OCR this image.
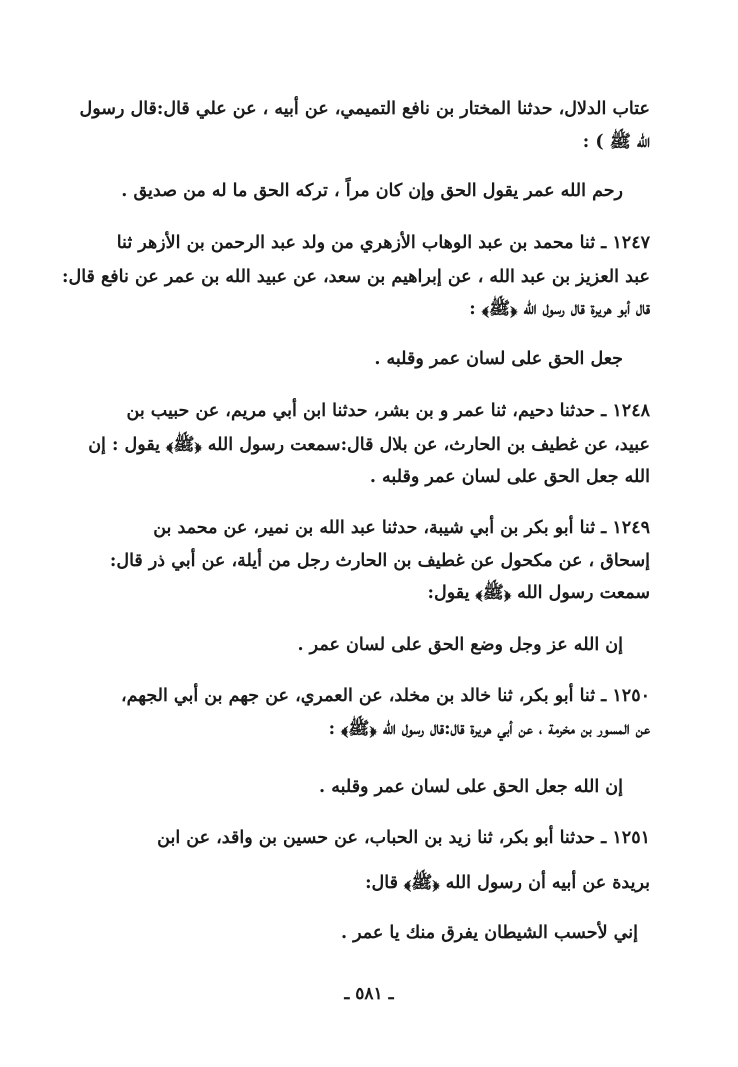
عتاب الدلال، حدثنا المختار بن نافع التميمي، عن أبيه ، عن علي قال:قال رسول
الله ﷺ ) :
رحم الله عمر يقول الحق وإن كان مراً ، تركه الحق ما له من صديق .
١٢٤٧ ـ ثنا محمد بن عبد الوهاب الأزهري من ولد عبد الرحمن بن الأزهر ثنا
عبد العزيز بن عبد الله ، عن إبراهيم بن سعد، عن عبيد الله بن عمر عن نافع قال:
قال أبو هريرة قال رسول الله ﴿ﷺ﴾ :
جعل الحق على لسان عمر وقلبه .
١٢٤٨ ـ حدثنا دحيم، ثنا عمر و بن بشر، حدثنا ابن أبي مريم، عن حبيب بن
عبيد، عن غطيف بن الحارث، عن بلال قال:سمعت رسول الله ﴿ﷺ﴾ يقول : إن
الله جعل الحق على لسان عمر وقلبه .
١٢٤٩ ـ ثنا أبو بكر بن أبي شيبة، حدثنا عبد الله بن نمير، عن محمد بن
إسحاق ، عن مكحول عن غطيف بن الحارث رجل من أيلة، عن أبي ذر قال:
سمعت رسول الله ﴿ﷺ﴾ يقول:
إن الله عز وجل وضع الحق على لسان عمر .
١٢٥٠ ـ ثنا أبو بكر، ثنا خالد بن مخلد، عن العمري، عن جهم بن أبي الجهم،
عن المسور بن مخرمة ، عن أبي هريرة قال:قال رسول الله ﴿ﷺ﴾ :
إن الله جعل الحق على لسان عمر وقلبه .
١٢٥١ ـ حدثنا أبو بكر، ثنا زيد بن الحباب، عن حسين بن واقد، عن ابن
بريدة عن أبيه أن رسول الله ﴿ﷺ﴾ قال:
إني لأحسب الشيطان يفرق منك يا عمر .
ـ ٥٨١ ـ
